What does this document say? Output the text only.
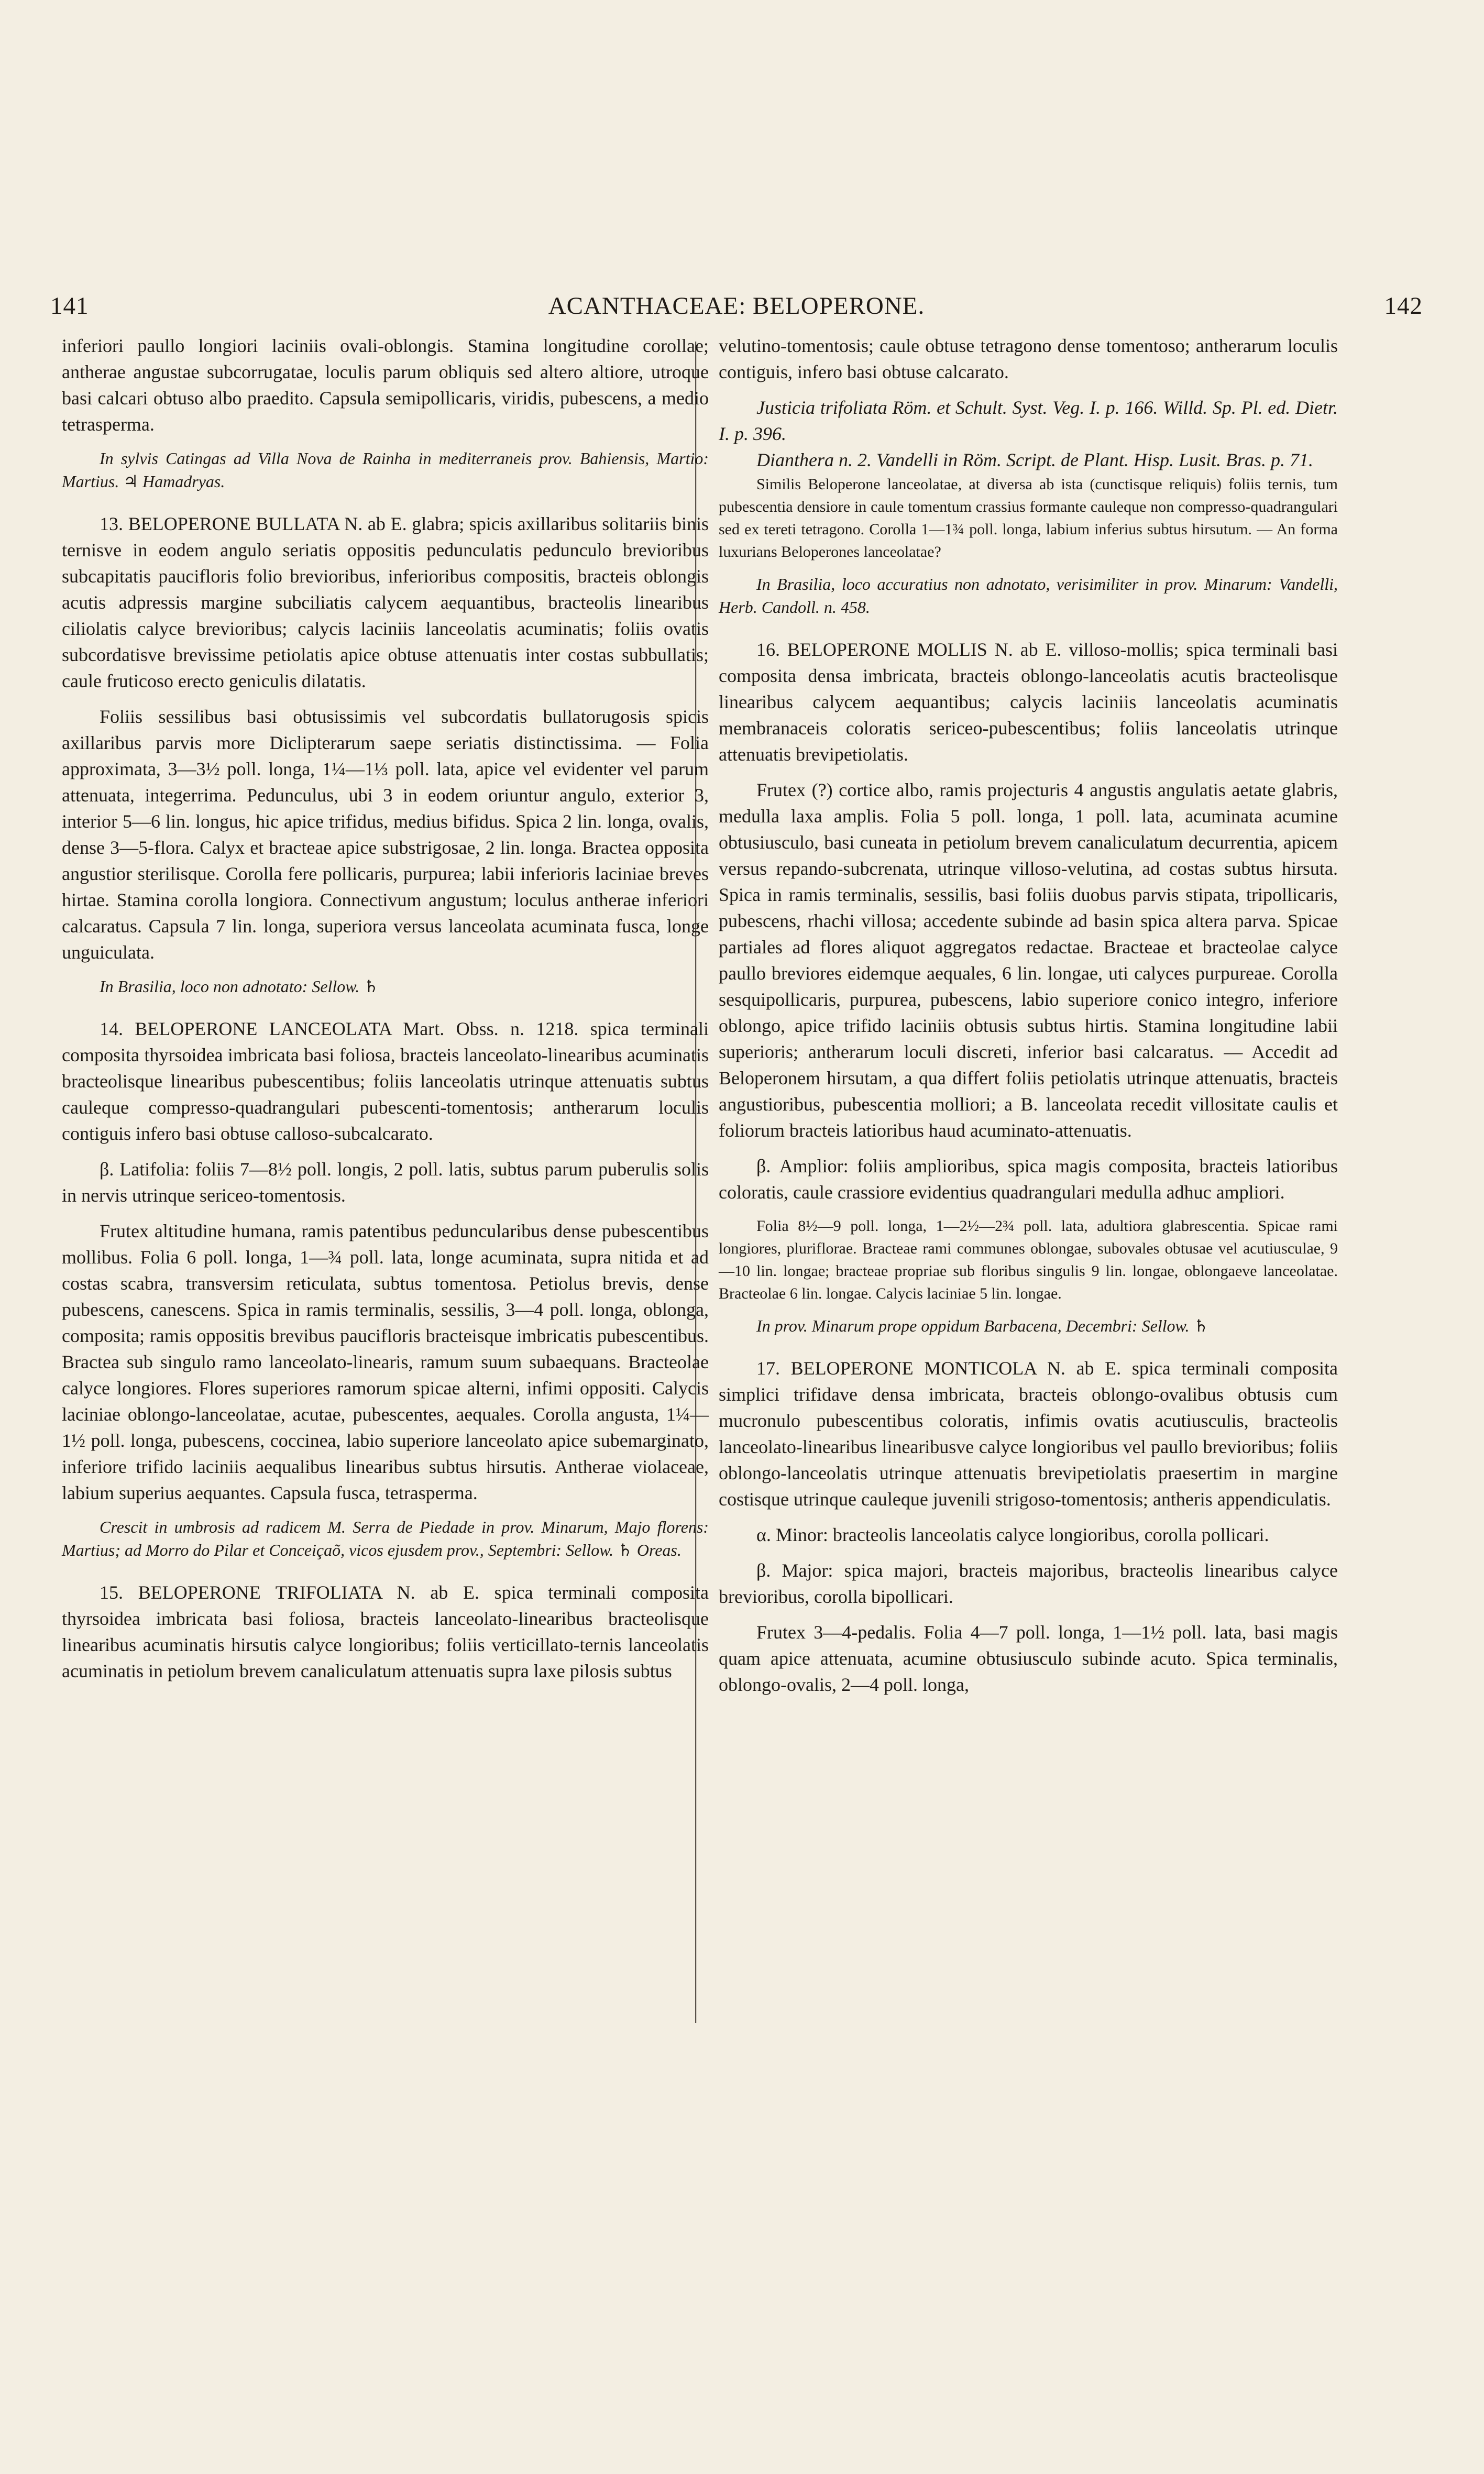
141	ACANTHACEAE: BELOPERONE.	142

inferiori paullo longiori laciniis ovali-oblongis. Stamina longitudine corollae; antherae angustae subcorrugatae, loculis parum obliquis sed altero altiore, utroque basi calcari obtuso albo praedito. Capsula semipollicaris, viridis, pubescens, a medio tetrasperma.

In sylvis Catingas ad Villa Nova de Rainha in mediterraneis prov. Bahiensis, Martio: Martius. ♃ Hamadryas.

13. BELOPERONE BULLATA N. ab E. glabra; spicis axillaribus solitariis binis ternisve in eodem angulo seriatis oppositis pedunculatis pedunculo brevioribus subcapitatis paucifloris folio brevioribus, inferioribus compositis, bracteis oblongis acutis adpressis margine subciliatis calycem aequantibus, bracteolis linearibus ciliolatis calyce brevioribus; calycis laciniis lanceolatis acuminatis; foliis ovatis subcordatisve brevissime petiolatis apice obtuse attenuatis inter costas subbullatis; caule fruticoso erecto geniculis dilatatis.

Foliis sessilibus basi obtusissimis vel subcordatis bullatorugosis spicis axillaribus parvis more Diclipterarum saepe seriatis distinctissima. — Folia approximata, 3—3½ poll. longa, 1¼—1⅓ poll. lata, apice vel evidenter vel parum attenuata, integerrima. Pedunculus, ubi 3 in eodem oriuntur angulo, exterior 3, interior 5—6 lin. longus, hic apice trifidus, medius bifidus. Spica 2 lin. longa, ovalis, dense 3—5-flora. Calyx et bracteae apice substrigosae, 2 lin. longa. Bractea opposita angustior sterilisque. Corolla fere pollicaris, purpurea; labii inferioris laciniae breves hirtae. Stamina corolla longiora. Connectivum angustum; loculus antherae inferiori calcaratus. Capsula 7 lin. longa, superiora versus lanceolata acuminata fusca, longe unguiculata.

In Brasilia, loco non adnotato: Sellow. ♄

14. BELOPERONE LANCEOLATA Mart. Obss. n. 1218. spica terminali composita thyrsoidea imbricata basi foliosa, bracteis lanceolato-linearibus acuminatis bracteolisque linearibus pubescentibus; foliis lanceolatis utrinque attenuatis subtus cauleque compresso-quadrangulari pubescenti-tomentosis; antherarum loculis contiguis infero basi obtuse calloso-subcalcarato.

β. Latifolia: foliis 7—8½ poll. longis, 2 poll. latis, subtus parum puberulis solis in nervis utrinque sericeo-tomentosis.

Frutex altitudine humana, ramis patentibus peduncularibus dense pubescentibus mollibus. Folia 6 poll. longa, 1—¾ poll. lata, longe acuminata, supra nitida et ad costas scabra, transversim reticulata, subtus tomentosa. Petiolus brevis, dense pubescens, canescens. Spica in ramis terminalis, sessilis, 3—4 poll. longa, oblonga, composita; ramis oppositis brevibus paucifloris bracteisque imbricatis pubescentibus. Bractea sub singulo ramo lanceolato-linearis, ramum suum subaequans. Bracteolae calyce longiores. Flores superiores ramorum spicae alterni, infimi oppositi. Calycis laciniae oblongo-lanceolatae, acutae, pubescentes, aequales. Corolla angusta, 1¼—1½ poll. longa, pubescens, coccinea, labio superiore lanceolato apice subemarginato, inferiore trifido laciniis aequalibus linearibus subtus hirsutis. Antherae violaceae, labium superius aequantes. Capsula fusca, tetrasperma.

Crescit in umbrosis ad radicem M. Serra de Piedade in prov. Minarum, Majo florens: Martius; ad Morro do Pilar et Conceiçaõ, vicos ejusdem prov., Septembri: Sellow. ♄ Oreas.

15. BELOPERONE TRIFOLIATA N. ab E. spica terminali composita thyrsoidea imbricata basi foliosa, bracteis lanceolato-linearibus bracteolisque linearibus acuminatis hirsutis calyce longioribus; foliis verticillato-ternis lanceolatis acuminatis in petiolum brevem canaliculatum attenuatis supra laxe pilosis subtus

velutino-tomentosis; caule obtuse tetragono dense tomentoso; antherarum loculis contiguis, infero basi obtuse calcarato.

Justicia trifoliata Röm. et Schult. Syst. Veg. I. p. 166. Willd. Sp. Pl. ed. Dietr. I. p. 396.

Dianthera n. 2. Vandelli in Röm. Script. de Plant. Hisp. Lusit. Bras. p. 71.

Similis Beloperone lanceolatae, at diversa ab ista (cunctisque reliquis) foliis ternis, tum pubescentia densiore in caule tomentum crassius formante cauleque non compresso-quadrangulari sed ex tereti tetragono. Corolla 1—1¾ poll. longa, labium inferius subtus hirsutum. — An forma luxurians Beloperones lanceolatae?

In Brasilia, loco accuratius non adnotato, verisimiliter in prov. Minarum: Vandelli, Herb. Candoll. n. 458.

16. BELOPERONE MOLLIS N. ab E. villoso-mollis; spica terminali basi composita densa imbricata, bracteis oblongo-lanceolatis acutis bracteolisque linearibus calycem aequantibus; calycis laciniis lanceolatis acuminatis membranaceis coloratis sericeo-pubescentibus; foliis lanceolatis utrinque attenuatis brevipetiolatis.

Frutex (?) cortice albo, ramis projecturis 4 angustis angulatis aetate glabris, medulla laxa amplis. Folia 5 poll. longa, 1 poll. lata, acuminata acumine obtusiusculo, basi cuneata in petiolum brevem canaliculatum decurrentia, apicem versus repando-subcrenata, utrinque villoso-velutina, ad costas subtus hirsuta. Spica in ramis terminalis, sessilis, basi foliis duobus parvis stipata, tripollicaris, pubescens, rhachi villosa; accedente subinde ad basin spica altera parva. Spicae partiales ad flores aliquot aggregatos redactae. Bracteae et bracteolae calyce paullo breviores eidemque aequales, 6 lin. longae, uti calyces purpureae. Corolla sesquipollicaris, purpurea, pubescens, labio superiore conico integro, inferiore oblongo, apice trifido laciniis obtusis subtus hirtis. Stamina longitudine labii superioris; antherarum loculi discreti, inferior basi calcaratus. — Accedit ad Beloperonem hirsutam, a qua differt foliis petiolatis utrinque attenuatis, bracteis angustioribus, pubescentia molliori; a B. lanceolata recedit villositate caulis et foliorum bracteis latioribus haud acuminato-attenuatis.

β. Amplior: foliis amplioribus, spica magis composita, bracteis latioribus coloratis, caule crassiore evidentius quadrangulari medulla adhuc ampliori.

Folia 8½—9 poll. longa, 1—2½—2¾ poll. lata, adultiora glabrescentia. Spicae rami longiores, pluriflorae. Bracteae rami communes oblongae, subovales obtusae vel acutiusculae, 9—10 lin. longae; bracteae propriae sub floribus singulis 9 lin. longae, oblongaeve lanceolatae. Bracteolae 6 lin. longae. Calycis laciniae 5 lin. longae.

In prov. Minarum prope oppidum Barbacena, Decembri: Sellow. ♄

17. BELOPERONE MONTICOLA N. ab E. spica terminali composita simplici trifidave densa imbricata, bracteis oblongo-ovalibus obtusis cum mucronulo pubescentibus coloratis, infimis ovatis acutiusculis, bracteolis lanceolato-linearibus linearibusve calyce longioribus vel paullo brevioribus; foliis oblongo-lanceolatis utrinque attenuatis brevipetiolatis praesertim in margine costisque utrinque cauleque juvenili strigoso-tomentosis; antheris appendiculatis.

α. Minor: bracteolis lanceolatis calyce longioribus, corolla pollicari.

β. Major: spica majori, bracteis majoribus, bracteolis linearibus calyce brevioribus, corolla bipollicari.

Frutex 3—4-pedalis. Folia 4—7 poll. longa, 1—1½ poll. lata, basi magis quam apice attenuata, acumine obtusiusculo subinde acuto. Spica terminalis, oblongo-ovalis, 2—4 poll. longa,
